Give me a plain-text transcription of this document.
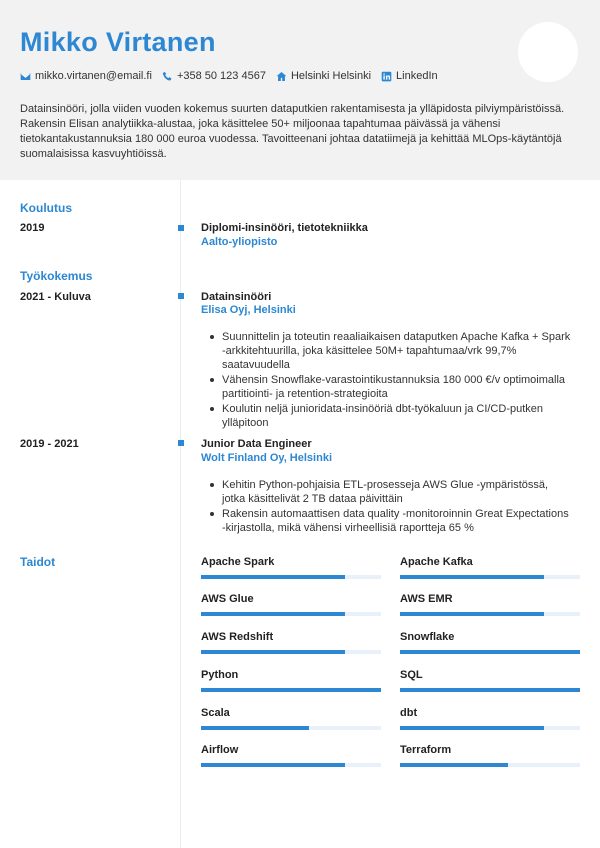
Mikko Virtanen
mikko.virtanen@email.fi +358 50 123 4567 Helsinki Helsinki LinkedIn
Datainsinööri, jolla viiden vuoden kokemus suurten dataputkien rakentamisesta ja ylläpidosta pilviympäristöissä. Rakensin Elisan analytiikka-alustaa, joka käsittelee 50+ miljoonaa tapahtumaa päivässä ja vähensi tietokantakustannuksia 180 000 euroa vuodessa. Tavoitteenani johtaa datatiimejä ja kehittää MLOps-käytäntöjä suomalaisissa kasvuyhtiöissä.
Koulutus
2019	Diplomi-insinööri, tietotekniikka
Aalto-yliopisto
Työkokemus
2021 - Kuluva	Datainsinööri
Elisa Oyj, Helsinki
Suunnittelin ja toteutin reaaliaikaisen dataputken Apache Kafka + Spark -arkkitehtuurilla, joka käsittelee 50M+ tapahtumaa/vrk 99,7% saatavuudella
Vähensin Snowflake-varastointikustannuksia 180 000 €/v optimoimalla partitiointi- ja retention-strategioita
Koulutin neljä junioridata-insinööriä dbt-työkaluun ja CI/CD-putken ylläpitoon
2019 - 2021	Junior Data Engineer
Wolt Finland Oy, Helsinki
Kehitin Python-pohjaisia ETL-prosesseja AWS Glue -ympäristössä, jotka käsittelivät 2 TB dataa päivittäin
Rakensin automaattisen data quality -monitoroinnin Great Expectations -kirjastolla, mikä vähensi virheellisiä raportteja 65 %
Taidot	Apache Spark	Apache Kafka
AWS Glue	AWS EMR
AWS Redshift	Snowflake
Python	SQL
Scala	dbt
Airflow	Terraform
